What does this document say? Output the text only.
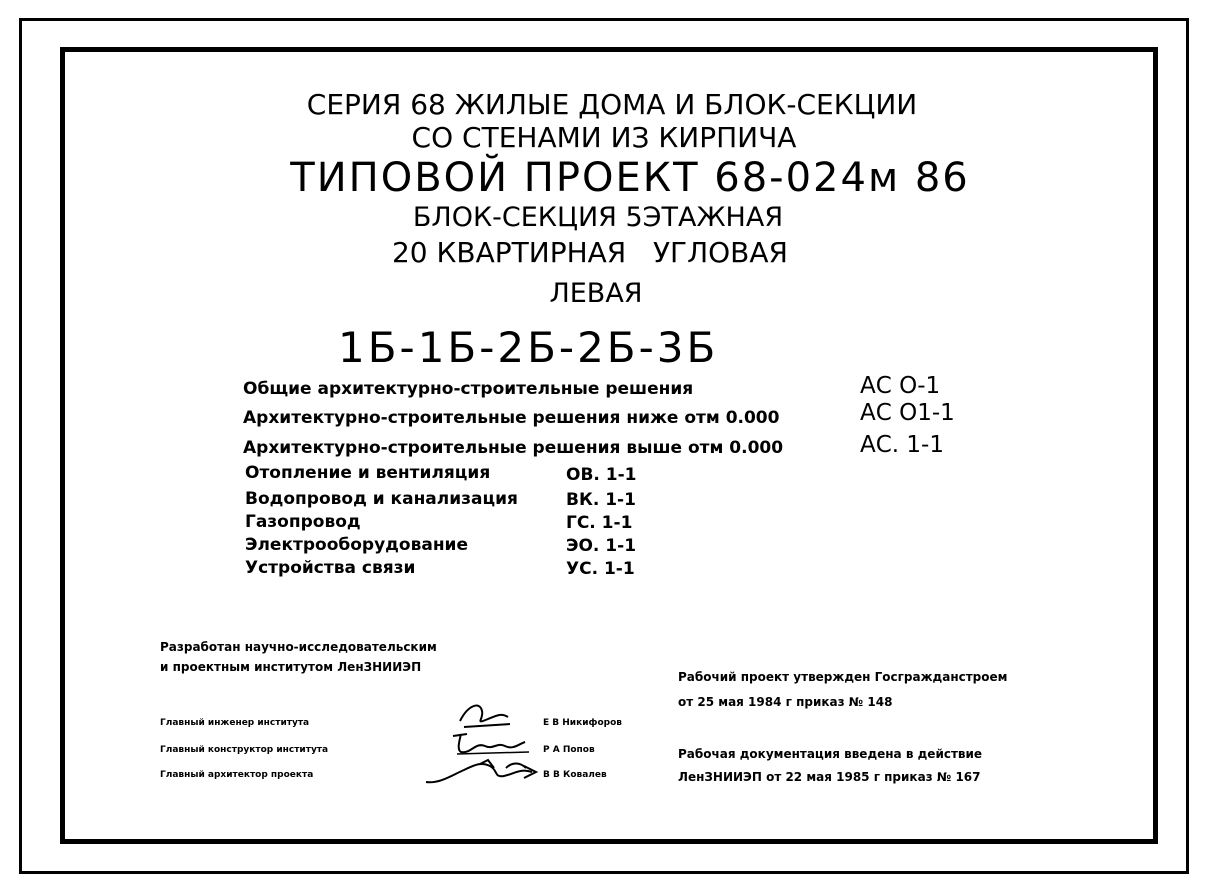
СЕРИЯ 68 ЖИЛЫЕ ДОМА И БЛОК-СЕКЦИИ
СО СТЕНАМИ ИЗ КИРПИЧА
ТИПОВОЙ ПРОЕКТ 68-024м 86
БЛОК-СЕКЦИЯ 5ЭТАЖНАЯ
20 КВАРТИРНАЯ   УГЛОВАЯ
ЛЕВАЯ
1Б-1Б-2Б-2Б-3Б
Общие архитектурно-строительные решения	АС О-1
Архитектурно-строительные решения ниже отм 0.000	АС О1-1
Архитектурно-строительные решения выше отм 0.000	АС. 1-1
Отопление и вентиляция	ОВ. 1-1
Водопровод и канализация	ВК. 1-1
Газопровод	ГС. 1-1
Электрооборудование	ЭО. 1-1
Устройства связи	УС. 1-1
Разработан научно-исследовательским
и проектным институтом ЛенЗНИИЭП
Рабочий проект утвержден Госгражданстроем
от 25 мая 1984 г приказ № 148
Рабочая документация введена в действие
ЛенЗНИИЭП от 22 мая 1985 г приказ № 167
Главный инженер института	Е В Никифоров
Главный конструктор института	Р А Попов
Главный архитектор проекта	В В Ковалев
